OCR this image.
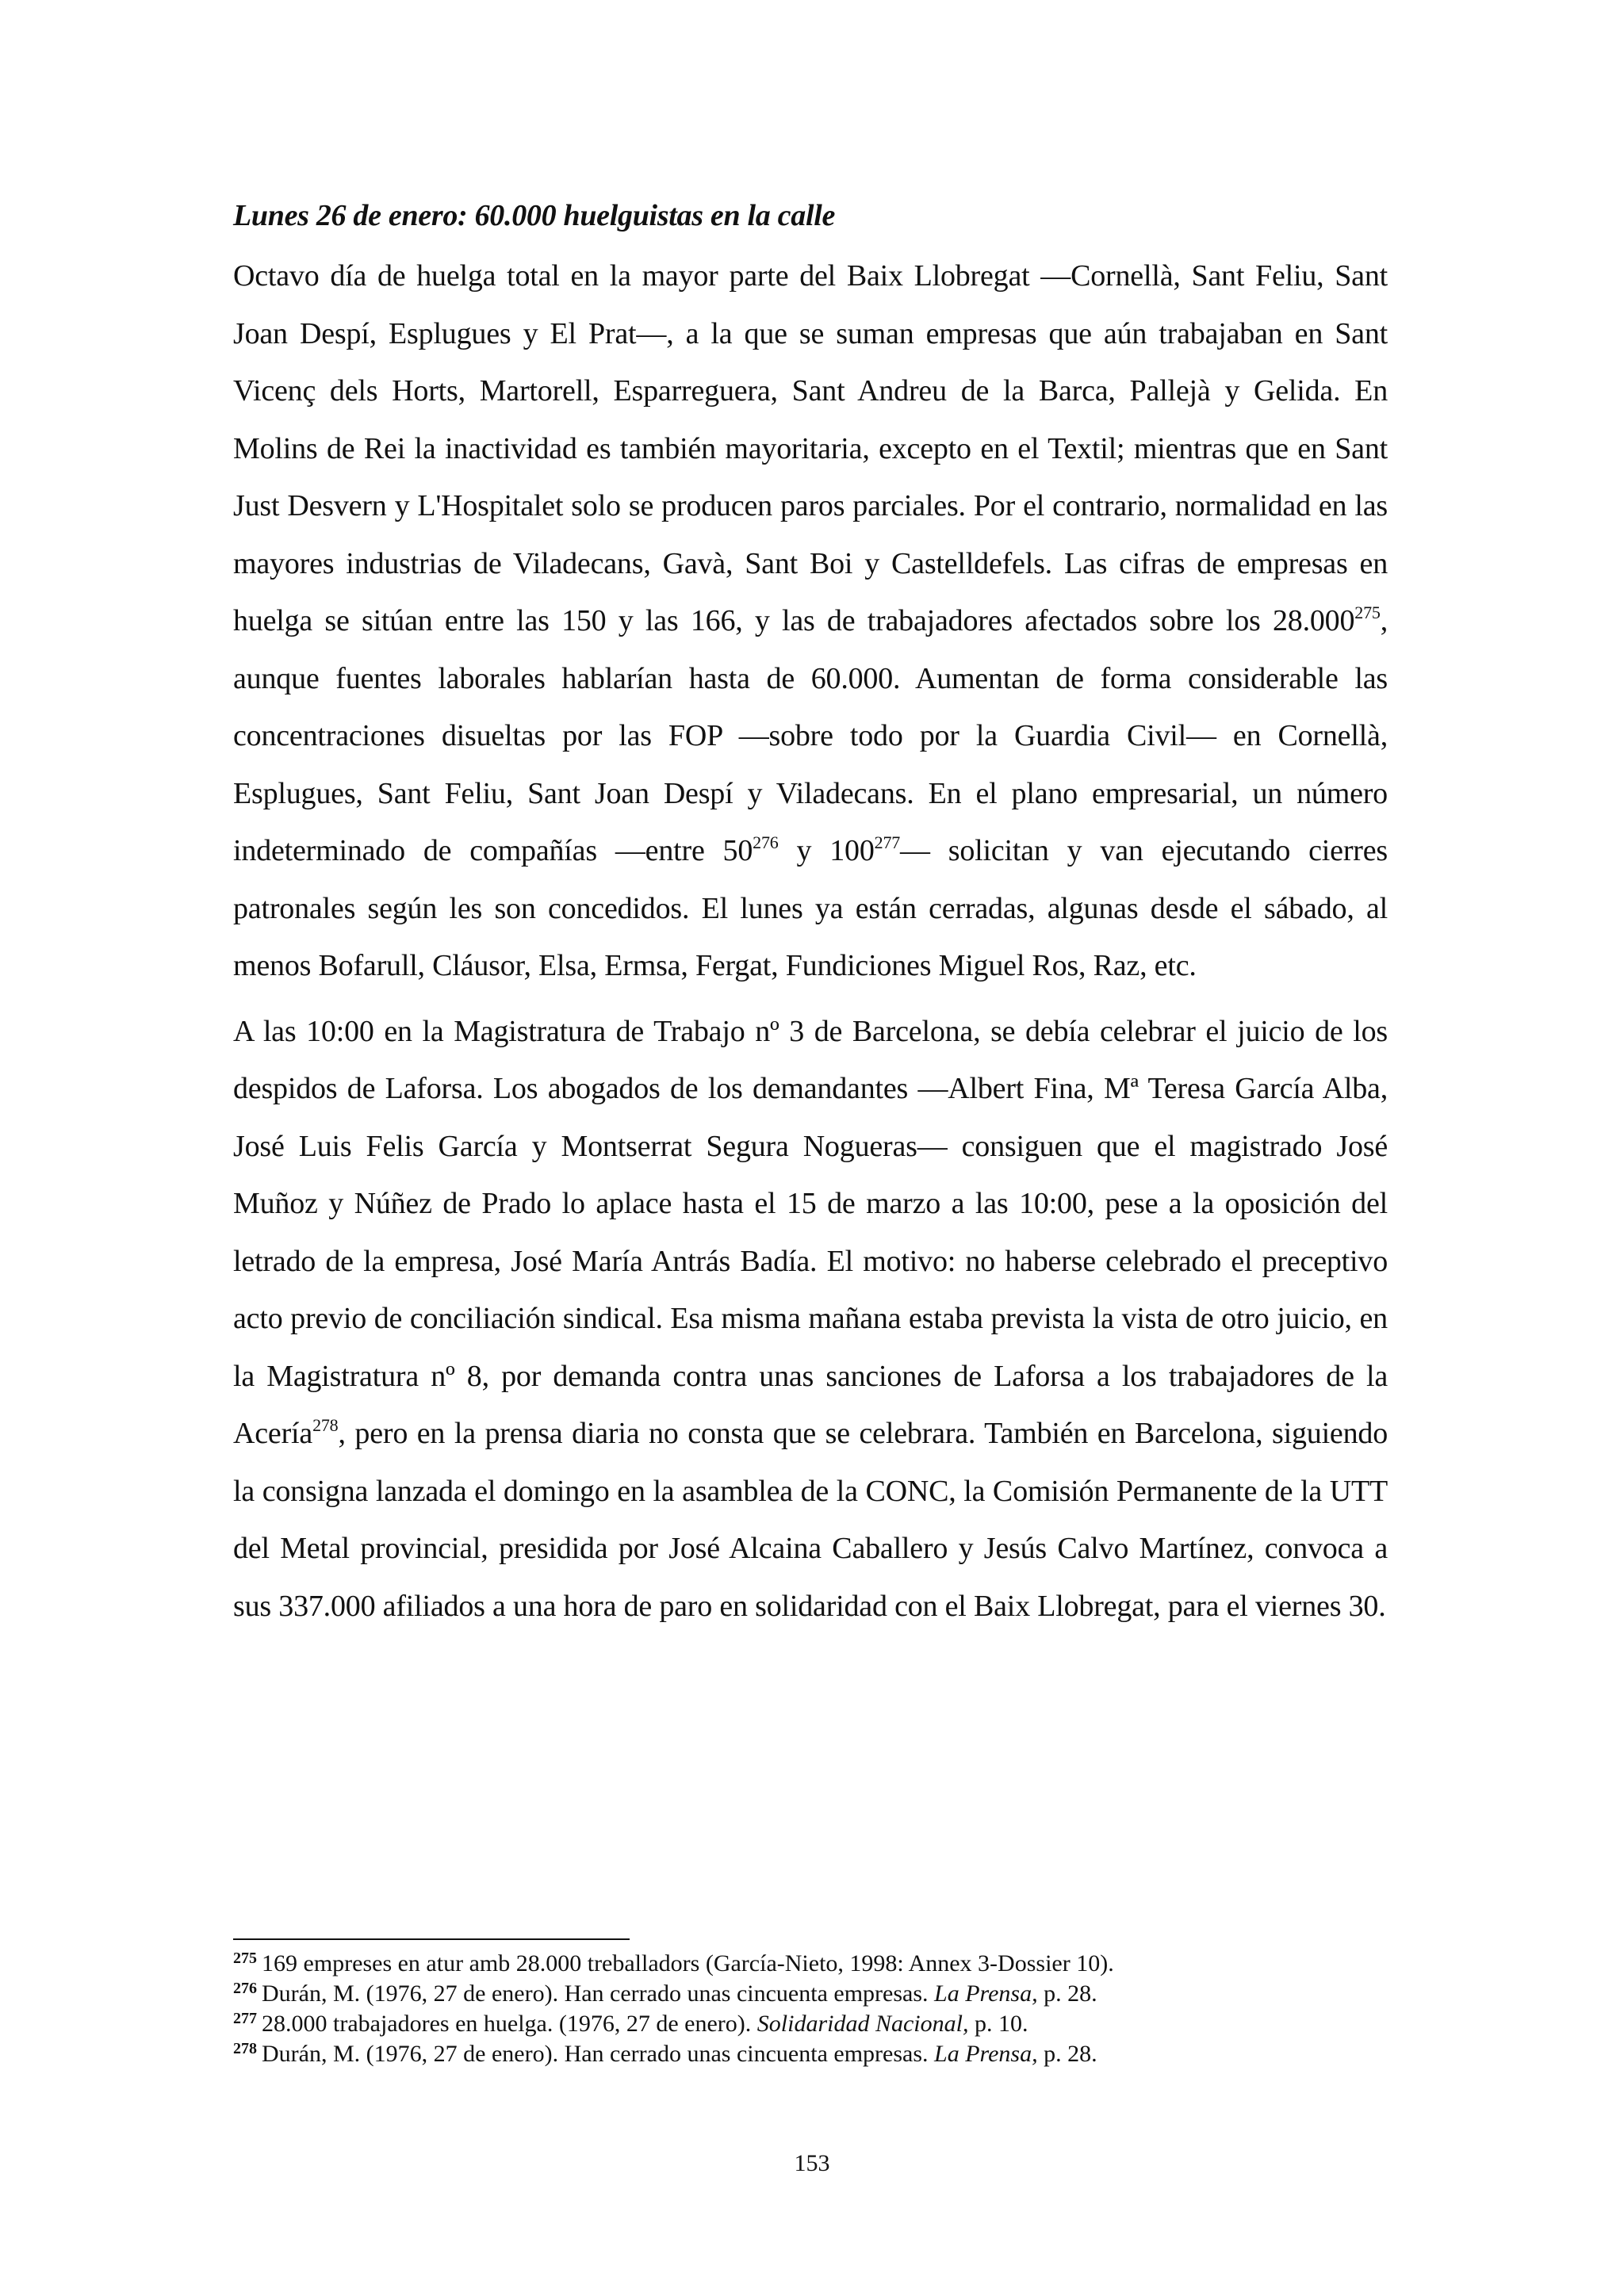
Lunes 26 de enero: 60.000 huelguistas en la calle

Octavo día de huelga total en la mayor parte del Baix Llobregat —Cornellà, Sant Feliu, Sant Joan Despí, Esplugues y El Prat—, a la que se suman empresas que aún trabajaban en Sant Vicenç dels Horts, Martorell, Esparreguera, Sant Andreu de la Barca, Pallejà y Gelida. En Molins de Rei la inactividad es también mayoritaria, excepto en el Textil; mientras que en Sant Just Desvern y L'Hospitalet solo se producen paros parciales. Por el contrario, normalidad en las mayores industrias de Viladecans, Gavà, Sant Boi y Castelldefels. Las cifras de empresas en huelga se sitúan entre las 150 y las 166, y las de trabajadores afectados sobre los 28.000$^{275}$, aunque fuentes laborales hablarían hasta de 60.000. Aumentan de forma considerable las concentraciones disueltas por las FOP —sobre todo por la Guardia Civil— en Cornellà, Esplugues, Sant Feliu, Sant Joan Despí y Viladecans. En el plano empresarial, un número indeterminado de compañías —entre 50$^{276}$ y 100$^{277}$— solicitan y van ejecutando cierres patronales según les son concedidos. El lunes ya están cerradas, algunas desde el sábado, al menos Bofarull, Cláusor, Elsa, Ermsa, Fergat, Fundiciones Miguel Ros, Raz, etc.

A las 10:00 en la Magistratura de Trabajo nº 3 de Barcelona, se debía celebrar el juicio de los despidos de Laforsa. Los abogados de los demandantes —Albert Fina, Mª Teresa García Alba, José Luis Felis García y Montserrat Segura Nogueras— consiguen que el magistrado José Muñoz y Núñez de Prado lo aplace hasta el 15 de marzo a las 10:00, pese a la oposición del letrado de la empresa, José María Antrás Badía. El motivo: no haberse celebrado el preceptivo acto previo de conciliación sindical. Esa misma mañana estaba prevista la vista de otro juicio, en la Magistratura nº 8, por demanda contra unas sanciones de Laforsa a los trabajadores de la Acería$^{278}$, pero en la prensa diaria no consta que se celebrara. También en Barcelona, siguiendo la consigna lanzada el domingo en la asamblea de la CONC, la Comisión Permanente de la UTT del Metal provincial, presidida por José Alcaina Caballero y Jesús Calvo Martínez, convoca a sus 337.000 afiliados a una hora de paro en solidaridad con el Baix Llobregat, para el viernes 30.

$^{275}$ 169 empreses en atur amb 28.000 treballadors (García-Nieto, 1998: Annex 3-Dossier 10).

$^{276}$ Durán, M. (1976, 27 de enero). Han cerrado unas cincuenta empresas. La Prensa, p. 28.

$^{277}$ 28.000 trabajadores en huelga. (1976, 27 de enero). Solidaridad Nacional, p. 10.

$^{278}$ Durán, M. (1976, 27 de enero). Han cerrado unas cincuenta empresas. La Prensa, p. 28.

153
